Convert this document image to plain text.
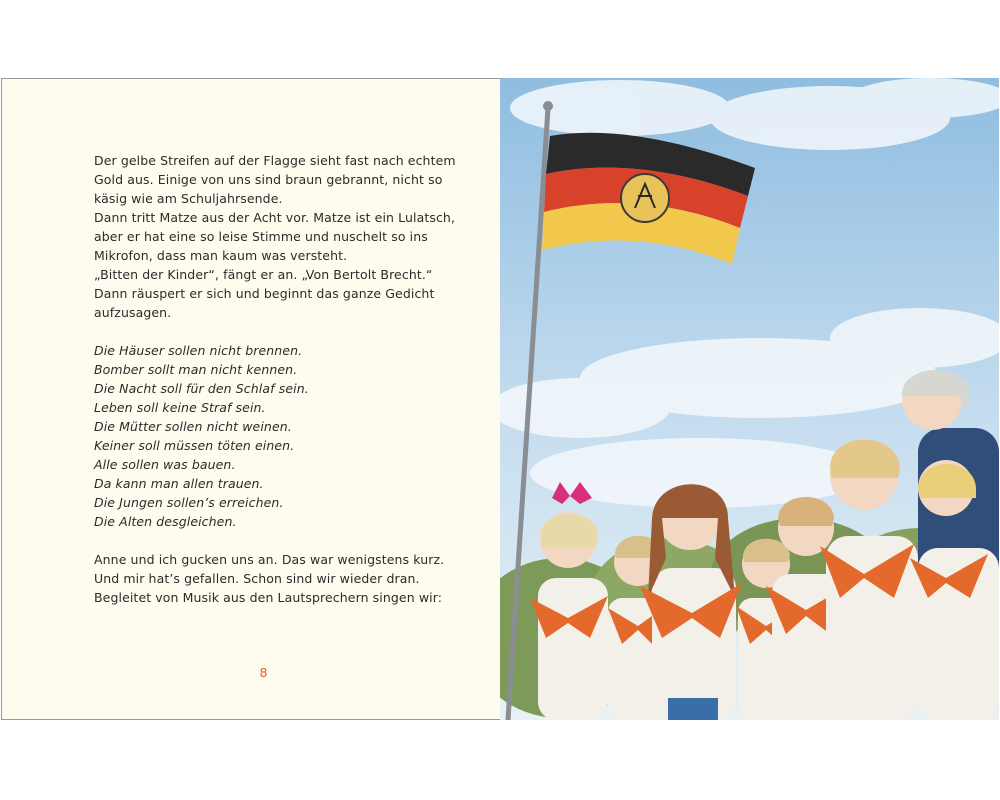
Der gelbe Streifen auf der Flagge sieht fast nach echtem
Gold aus. Einige von uns sind braun gebrannt, nicht so
käsig wie am Schuljahrsende.
Dann tritt Matze aus der Acht vor. Matze ist ein Lulatsch,
aber er hat eine so leise Stimme und nuschelt so ins
Mikrofon, dass man kaum was versteht.
„Bitten der Kinder“, fängt er an. „Von Bertolt Brecht.“
Dann räuspert er sich und beginnt das ganze Gedicht
aufzusagen.
Die Häuser sollen nicht brennen.
Bomber sollt man nicht kennen.
Die Nacht soll für den Schlaf sein.
Leben soll keine Straf sein.
Die Mütter sollen nicht weinen.
Keiner soll müssen töten einen.
Alle sollen was bauen.
Da kann man allen trauen.
Die Jungen sollen’s erreichen.
Die Alten desgleichen.
Anne und ich gucken uns an. Das war wenigstens kurz.
Und mir hat’s gefallen. Schon sind wir wieder dran.
Begleitet von Musik aus den Lautsprechern singen wir:
8
